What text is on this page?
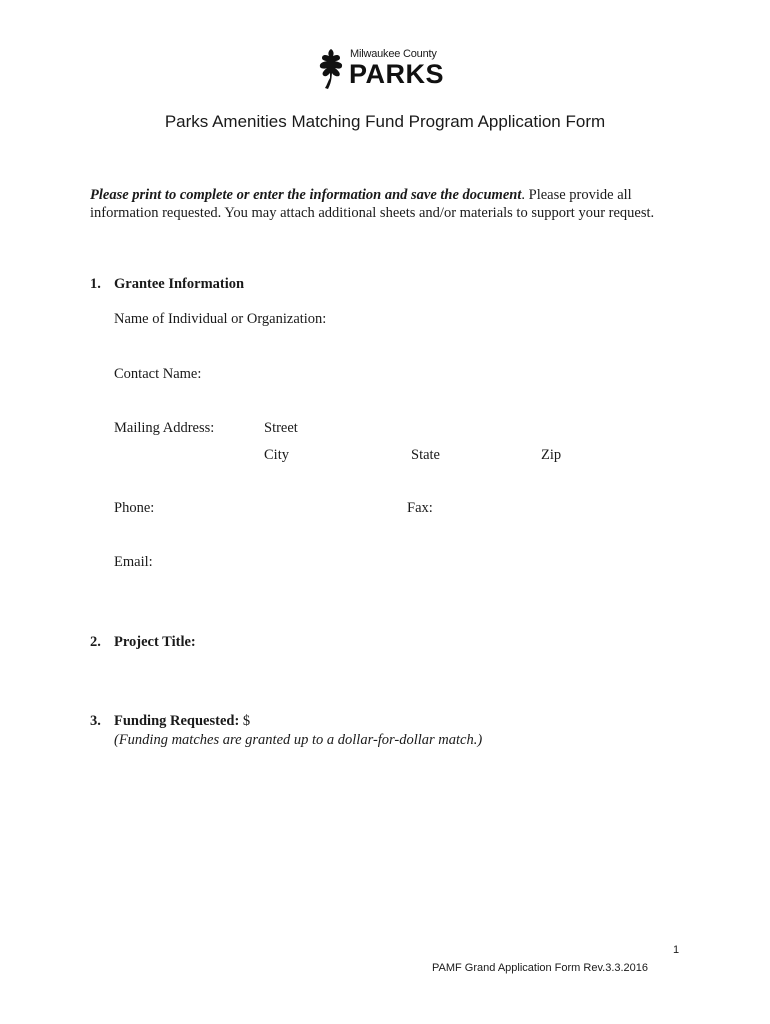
Milwaukee County
PARKS
Parks Amenities Matching Fund Program Application Form
Please print to complete or enter the information and save the document. Please provide all information requested. You may attach additional sheets and/or materials to support your request.
1. Grantee Information
Name of Individual or Organization:
Contact Name:
Mailing Address:	Street
City	State	Zip
Phone:	Fax:
Email:
2. Project Title:
3. Funding Requested: $
(Funding matches are granted up to a dollar-for-dollar match.)
1
PAMF Grand Application Form Rev.3.3.2016
